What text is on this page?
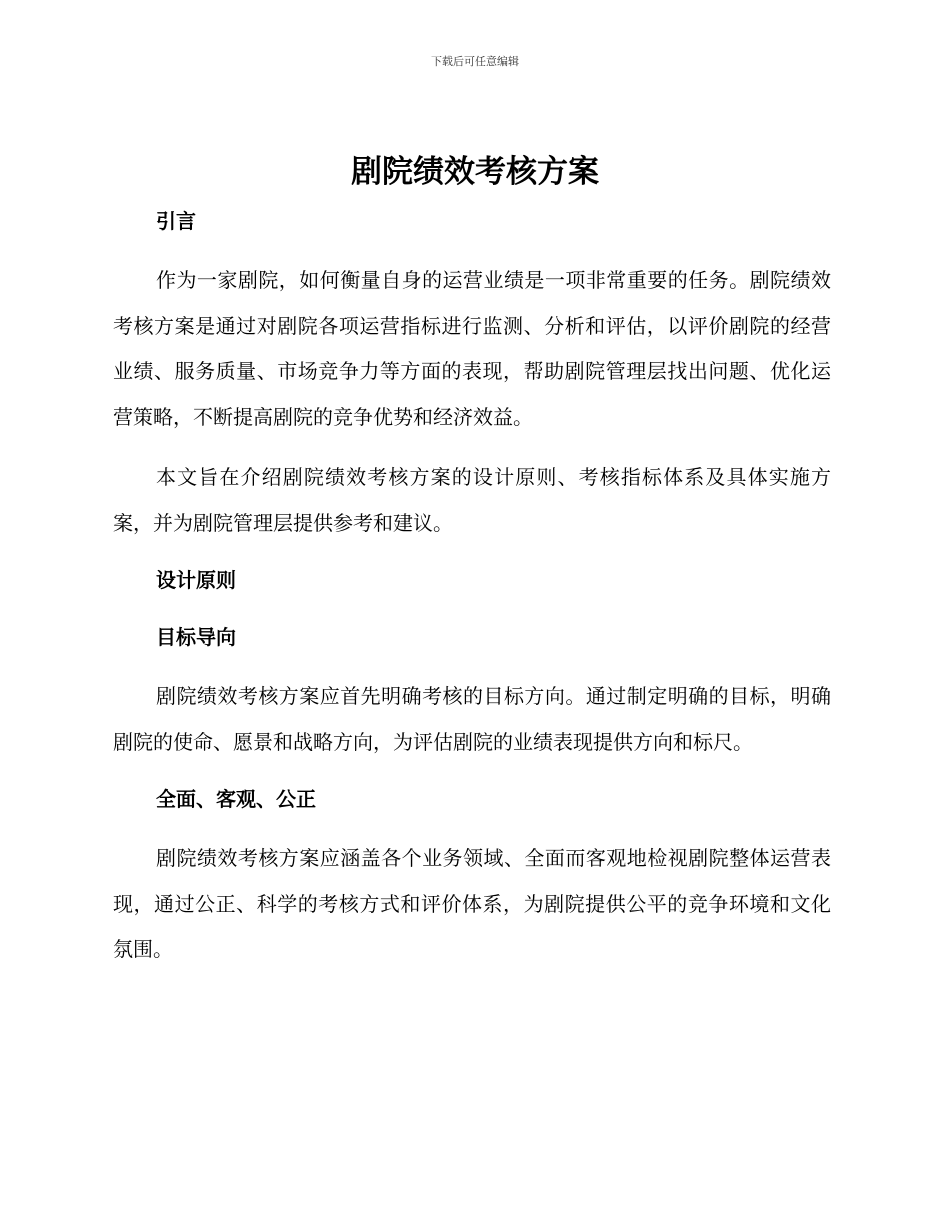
下载后可任意编辑
剧院绩效考核方案

引言

作为一家剧院，如何衡量自身的运营业绩是一项非常重要的任务。剧院绩效考核方案是通过对剧院各项运营指标进行监测、分析和评估，以评价剧院的经营业绩、服务质量、市场竞争力等方面的表现，帮助剧院管理层找出问题、优化运营策略，不断提高剧院的竞争优势和经济效益。

本文旨在介绍剧院绩效考核方案的设计原则、考核指标体系及具体实施方案，并为剧院管理层提供参考和建议。

设计原则

目标导向

剧院绩效考核方案应首先明确考核的目标方向。通过制定明确的目标，明确剧院的使命、愿景和战略方向，为评估剧院的业绩表现提供方向和标尺。

全面、客观、公正

剧院绩效考核方案应涵盖各个业务领域、全面而客观地检视剧院整体运营表现，通过公正、科学的考核方式和评价体系，为剧院提供公平的竞争环境和文化氛围。
